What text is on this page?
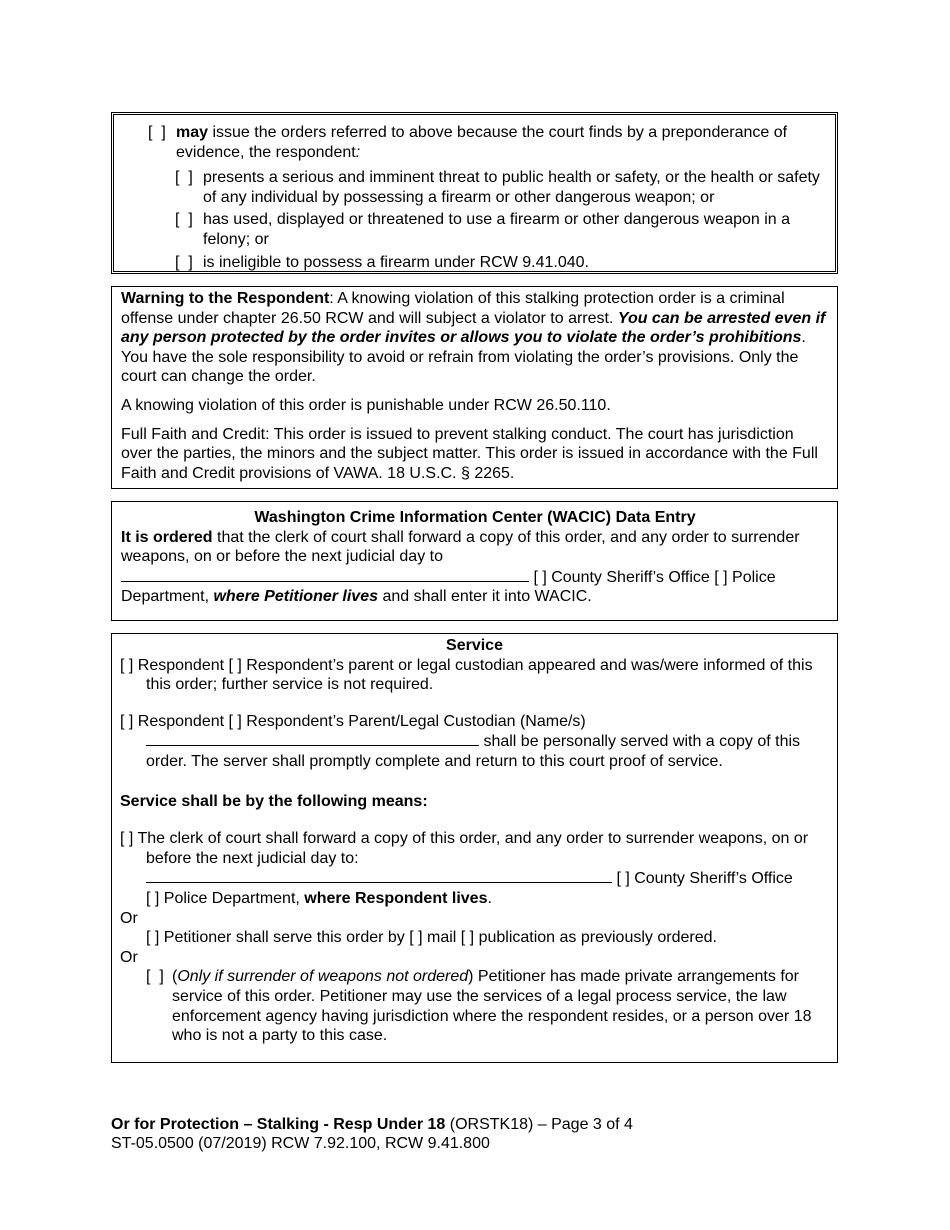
[  ] may issue the orders referred to above because the court finds by a preponderance of evidence, the respondent:
[  ] presents a serious and imminent threat to public health or safety, or the health or safety of any individual by possessing a firearm or other dangerous weapon; or
[  ] has used, displayed or threatened to use a firearm or other dangerous weapon in a felony; or
[  ] is ineligible to possess a firearm under RCW 9.41.040.

Warning to the Respondent: A knowing violation of this stalking protection order is a criminal offense under chapter 26.50 RCW and will subject a violator to arrest. You can be arrested even if any person protected by the order invites or allows you to violate the order’s prohibitions. You have the sole responsibility to avoid or refrain from violating the order’s provisions. Only the court can change the order.

A knowing violation of this order is punishable under RCW 26.50.110.

Full Faith and Credit: This order is issued to prevent stalking conduct. The court has jurisdiction over the parties, the minors and the subject matter. This order is issued in accordance with the Full Faith and Credit provisions of VAWA. 18 U.S.C. § 2265.

Washington Crime Information Center (WACIC) Data Entry

It is ordered that the clerk of court shall forward a copy of this order, and any order to surrender weapons, on or before the next judicial day to  [ ] County Sheriff’s Office [ ] Police Department, where Petitioner lives and shall enter it into WACIC.

Service

[ ] Respondent [ ] Respondent’s parent or legal custodian appeared and was/were informed of this this order; further service is not required.

[ ] Respondent [ ] Respondent’s Parent/Legal Custodian (Name/s)

shall be personally served with a copy of this

order. The server shall promptly complete and return to this court proof of service.

Service shall be by the following means:

[ ] The clerk of court shall forward a copy of this order, and any order to surrender weapons, on or before the next judicial day to:

[ ] County Sheriff’s Office

[ ] Police Department, where Respondent lives.

Or

[ ] Petitioner shall serve this order by [ ] mail [ ] publication as previously ordered.

Or

[  ] (Only if surrender of weapons not ordered) Petitioner has made private arrangements for service of this order. Petitioner may use the services of a legal process service, the law enforcement agency having jurisdiction where the respondent resides, or a person over 18 who is not a party to this case.
Or for Protection – Stalking - Resp Under 18 (ORSTK18) – Page 3 of 4
ST-05.0500 (07/2019) RCW 7.92.100, RCW 9.41.800
